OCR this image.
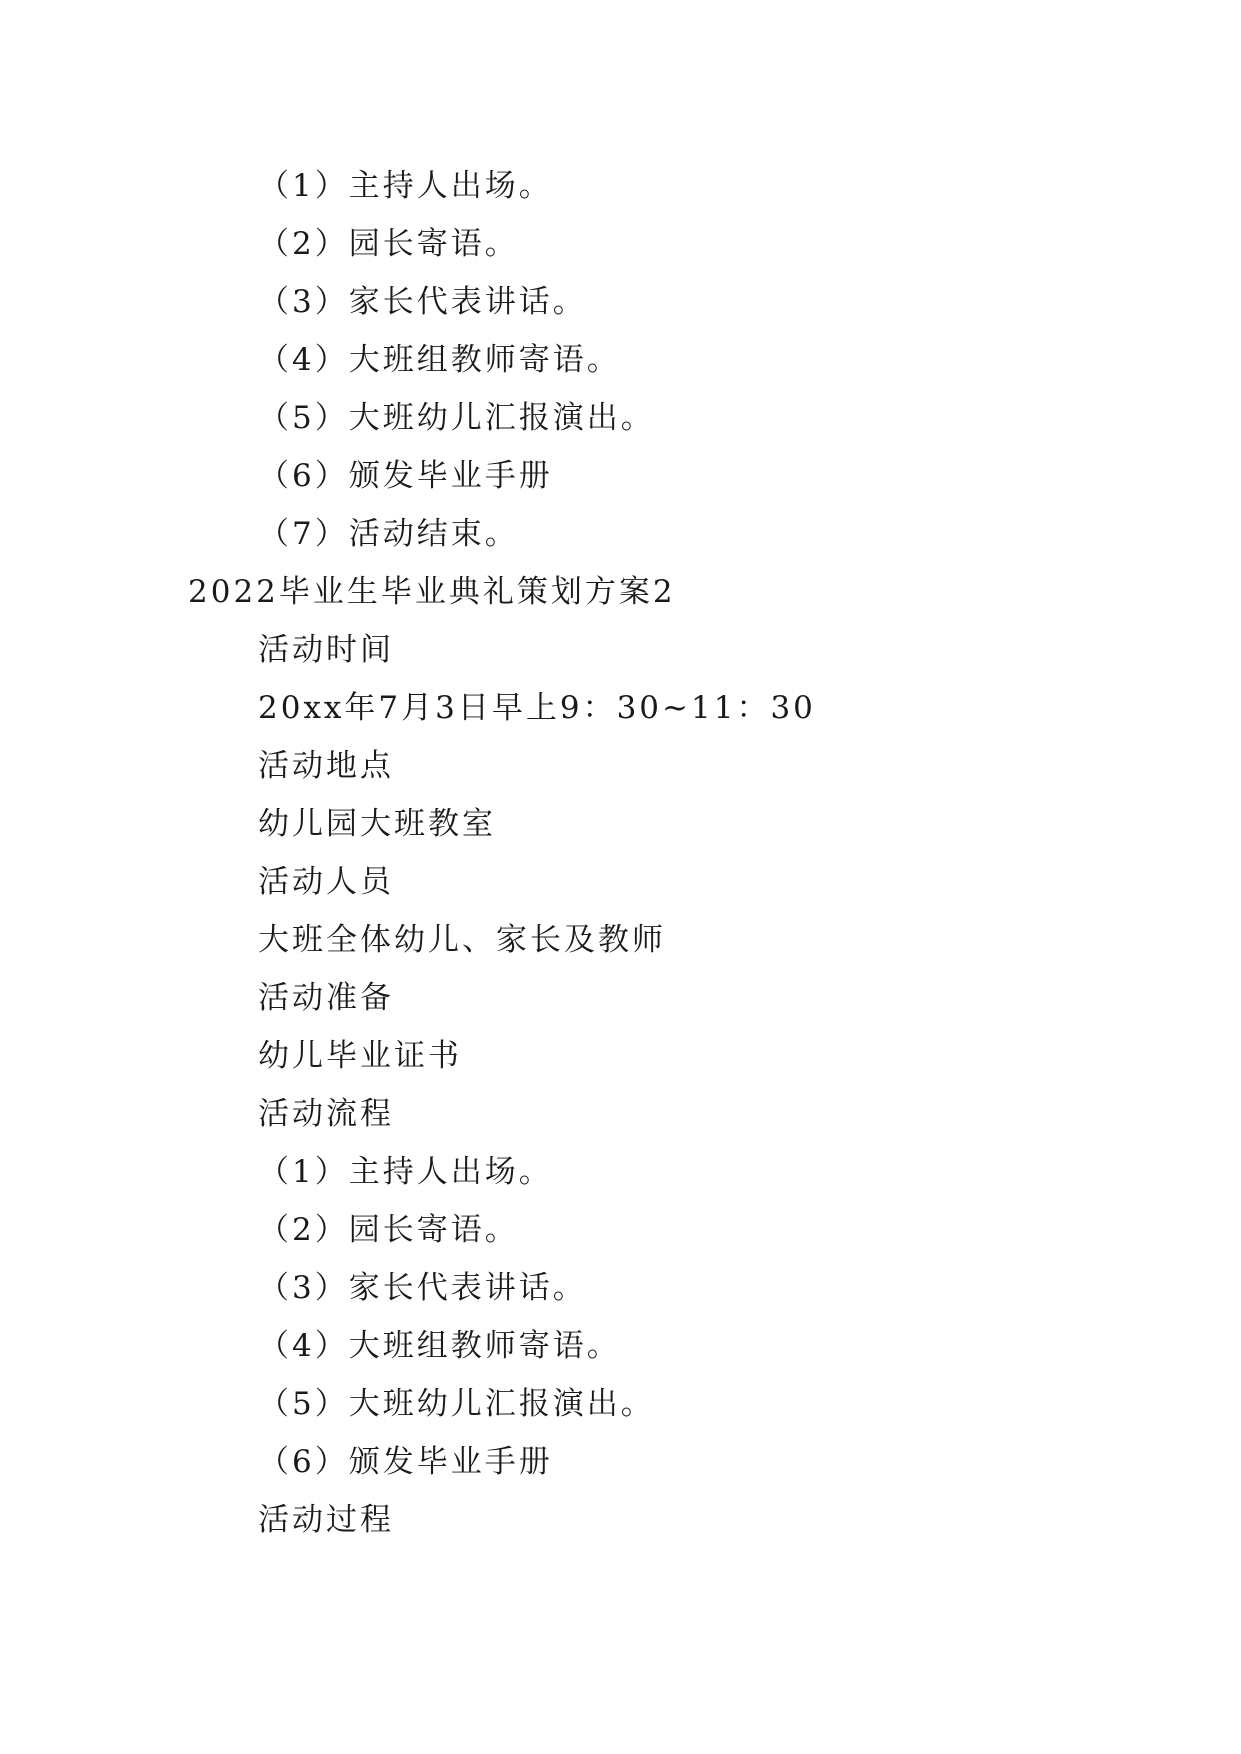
（1）主持人出场。
（2）园长寄语。
（3）家长代表讲话。
（4）大班组教师寄语。
（5）大班幼儿汇报演出。
（6）颁发毕业手册
（7）活动结束。
2022毕业生毕业典礼策划方案2
活动时间
20xx年7月3日早上9：30~11：30
活动地点
幼儿园大班教室
活动人员
大班全体幼儿、家长及教师
活动准备
幼儿毕业证书
活动流程
（1）主持人出场。
（2）园长寄语。
（3）家长代表讲话。
（4）大班组教师寄语。
（5）大班幼儿汇报演出。
（6）颁发毕业手册
活动过程
